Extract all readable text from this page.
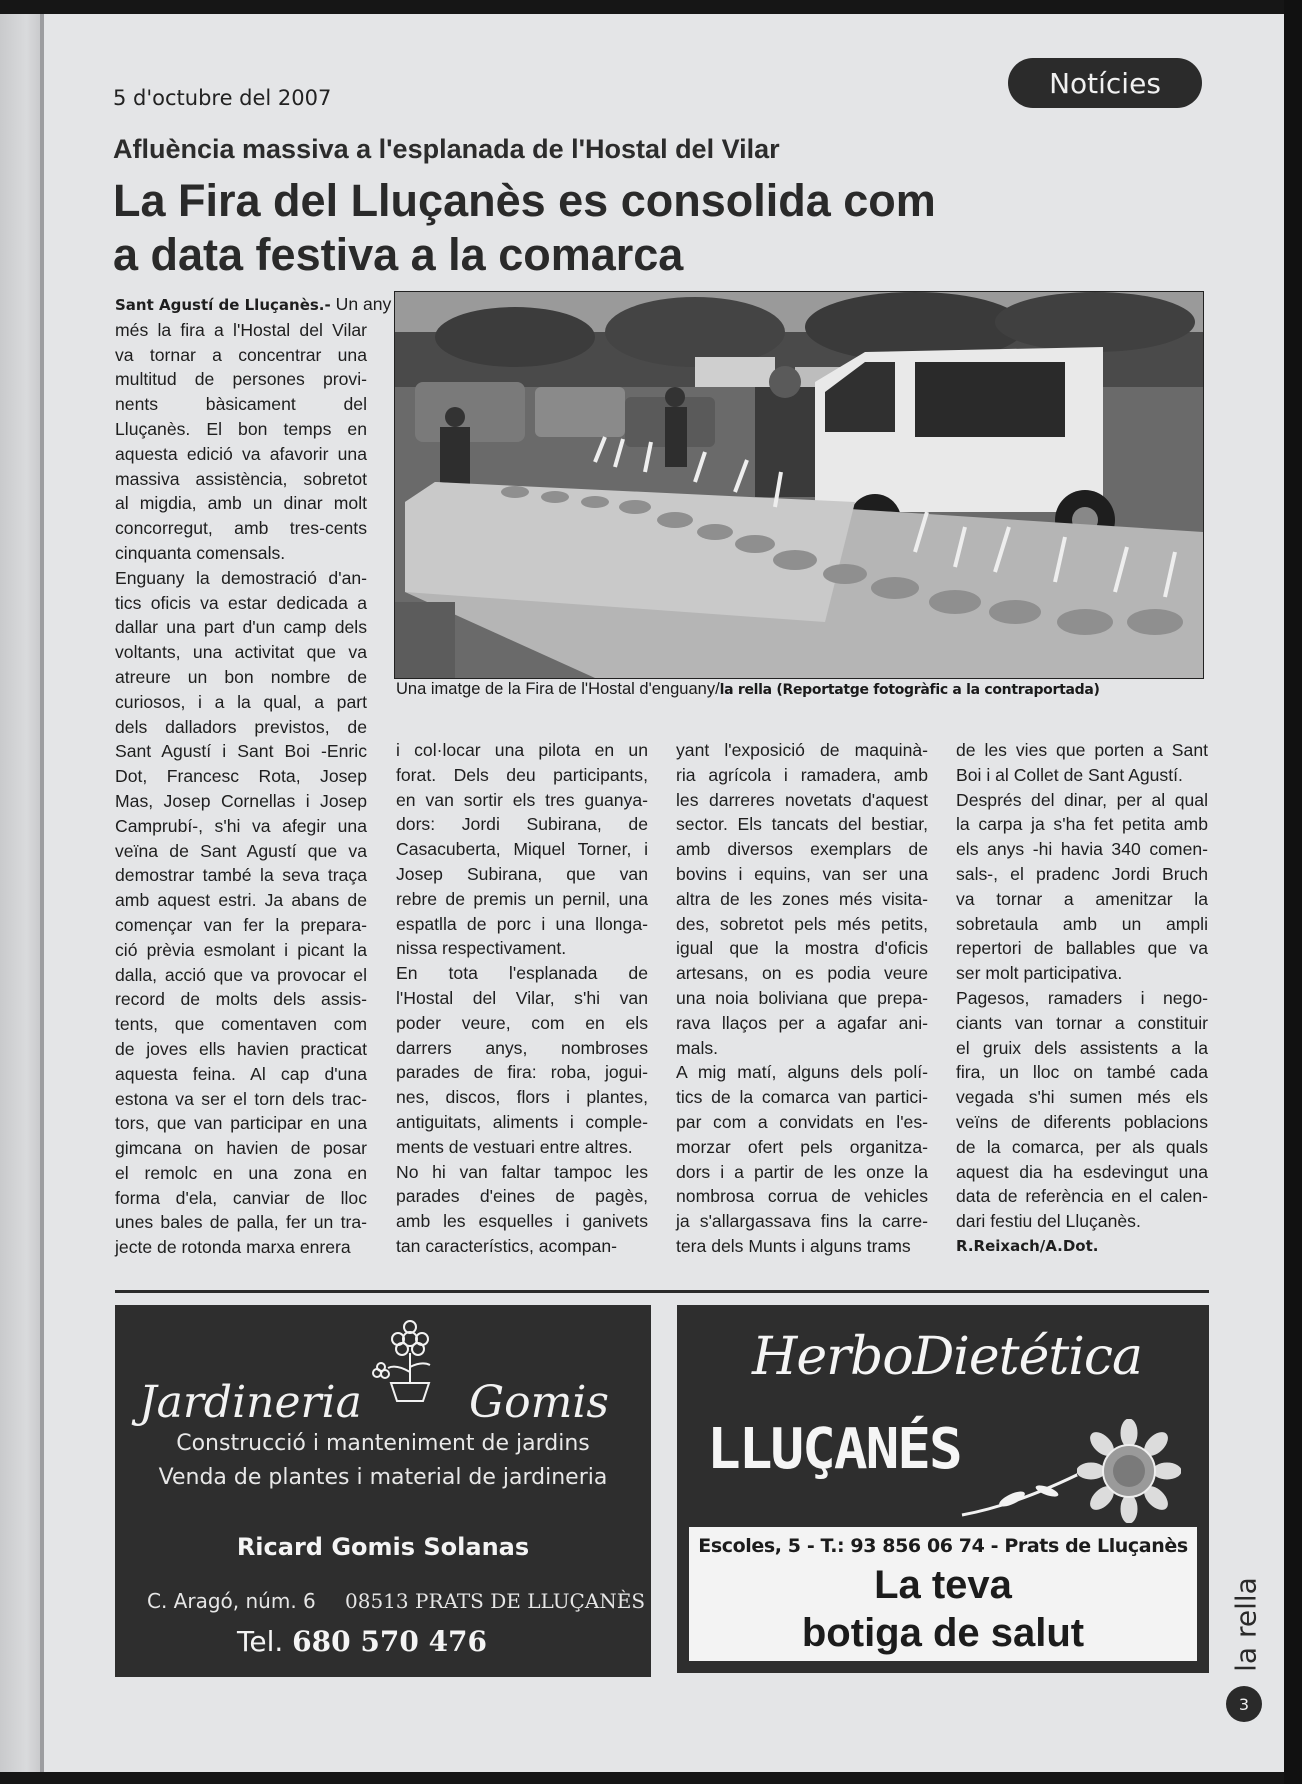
5 d'octubre del 2007	Notícies
Afluència massiva a l'esplanada de l'Hostal del Vilar
La Fira del Lluçanès es consolida com
a data festiva a la comarca
Una imatge de la Fira de l'Hostal d'enguany/la rella (Reportatge fotogràfic a la contraportada)
Sant Agustí de Lluçanès.- Un any
més la fira a l'Hostal del Vilar
va tornar a concentrar una
multitud de persones provi-
nents bàsicament del
Lluçanès. El bon temps en
aquesta edició va afavorir una
massiva assistència, sobretot
al migdia, amb un dinar molt
concorregut, amb tres-cents
cinquanta comensals.
Enguany la demostració d'an-
tics oficis va estar dedicada a
dallar una part d'un camp dels
voltants, una activitat que va
atreure un bon nombre de
curiosos, i a la qual, a part
dels dalladors previstos, de
Sant Agustí i Sant Boi -Enric
Dot, Francesc Rota, Josep
Mas, Josep Cornellas i Josep
Camprubí-, s'hi va afegir una
veïna de Sant Agustí que va
demostrar també la seva traça
amb aquest estri. Ja abans de
començar van fer la prepara-
ció prèvia esmolant i picant la
dalla, acció que va provocar el
record de molts dels assis-
tents, que comentaven com
de joves ells havien practicat
aquesta feina. Al cap d'una
estona va ser el torn dels trac-
tors, que van participar en una
gimcana on havien de posar
el remolc en una zona en
forma d'ela, canviar de lloc
unes bales de palla, fer un tra-
jecte de rotonda marxa enrera
i col·locar una pilota en un
forat. Dels deu participants,
en van sortir els tres guanya-
dors: Jordi Subirana, de
Casacuberta, Miquel Torner, i
Josep Subirana, que van
rebre de premis un pernil, una
espatlla de porc i una llonga-
nissa respectivament.
En tota l'esplanada de
l'Hostal del Vilar, s'hi van
poder veure, com en els
darrers anys, nombroses
parades de fira: roba, jogui-
nes, discos, flors i plantes,
antiguitats, aliments i comple-
ments de vestuari entre altres.
No hi van faltar tampoc les
parades d'eines de pagès,
amb les esquelles i ganivets
tan característics, acompan-
yant l'exposició de maquinà-
ria agrícola i ramadera, amb
les darreres novetats d'aquest
sector. Els tancats del bestiar,
amb diversos exemplars de
bovins i equins, van ser una
altra de les zones més visita-
des, sobretot pels més petits,
igual que la mostra d'oficis
artesans, on es podia veure
una noia boliviana que prepa-
rava llaços per a agafar ani-
mals.
A mig matí, alguns dels polí-
tics de la comarca van partici-
par com a convidats en l'es-
morzar ofert pels organitza-
dors i a partir de les onze la
nombrosa corrua de vehicles
ja s'allargassava fins la carre-
tera dels Munts i alguns trams
de les vies que porten a Sant
Boi i al Collet de Sant Agustí.
Després del dinar, per al qual
la carpa ja s'ha fet petita amb
els anys -hi havia 340 comen-
sals-, el pradenc Jordi Bruch
va tornar a amenitzar la
sobretaula amb un ampli
repertori de ballables que va
ser molt participativa.
Pagesos, ramaders i nego-
ciants van tornar a constituir
el gruix dels assistents a la
fira, un lloc on també cada
vegada s'hi sumen més els
veïns de diferents poblacions
de la comarca, per als quals
aquest dia ha esdevingut una
data de referència en el calen-
dari festiu del Lluçanès.
R.Reixach/A.Dot.
Jardineria Gomis
Construcció i manteniment de jardins
Venda de plantes i material de jardineria
Ricard Gomis Solanas
C. Aragó, núm. 6	08513 PRATS DE LLUÇANÈS
Tel. 680 570 476
HerboDietética
LLUÇANÉS
Escoles, 5 - T.: 93 856 06 74 - Prats de Lluçanès
La teva
botiga de salut	la rella
3
